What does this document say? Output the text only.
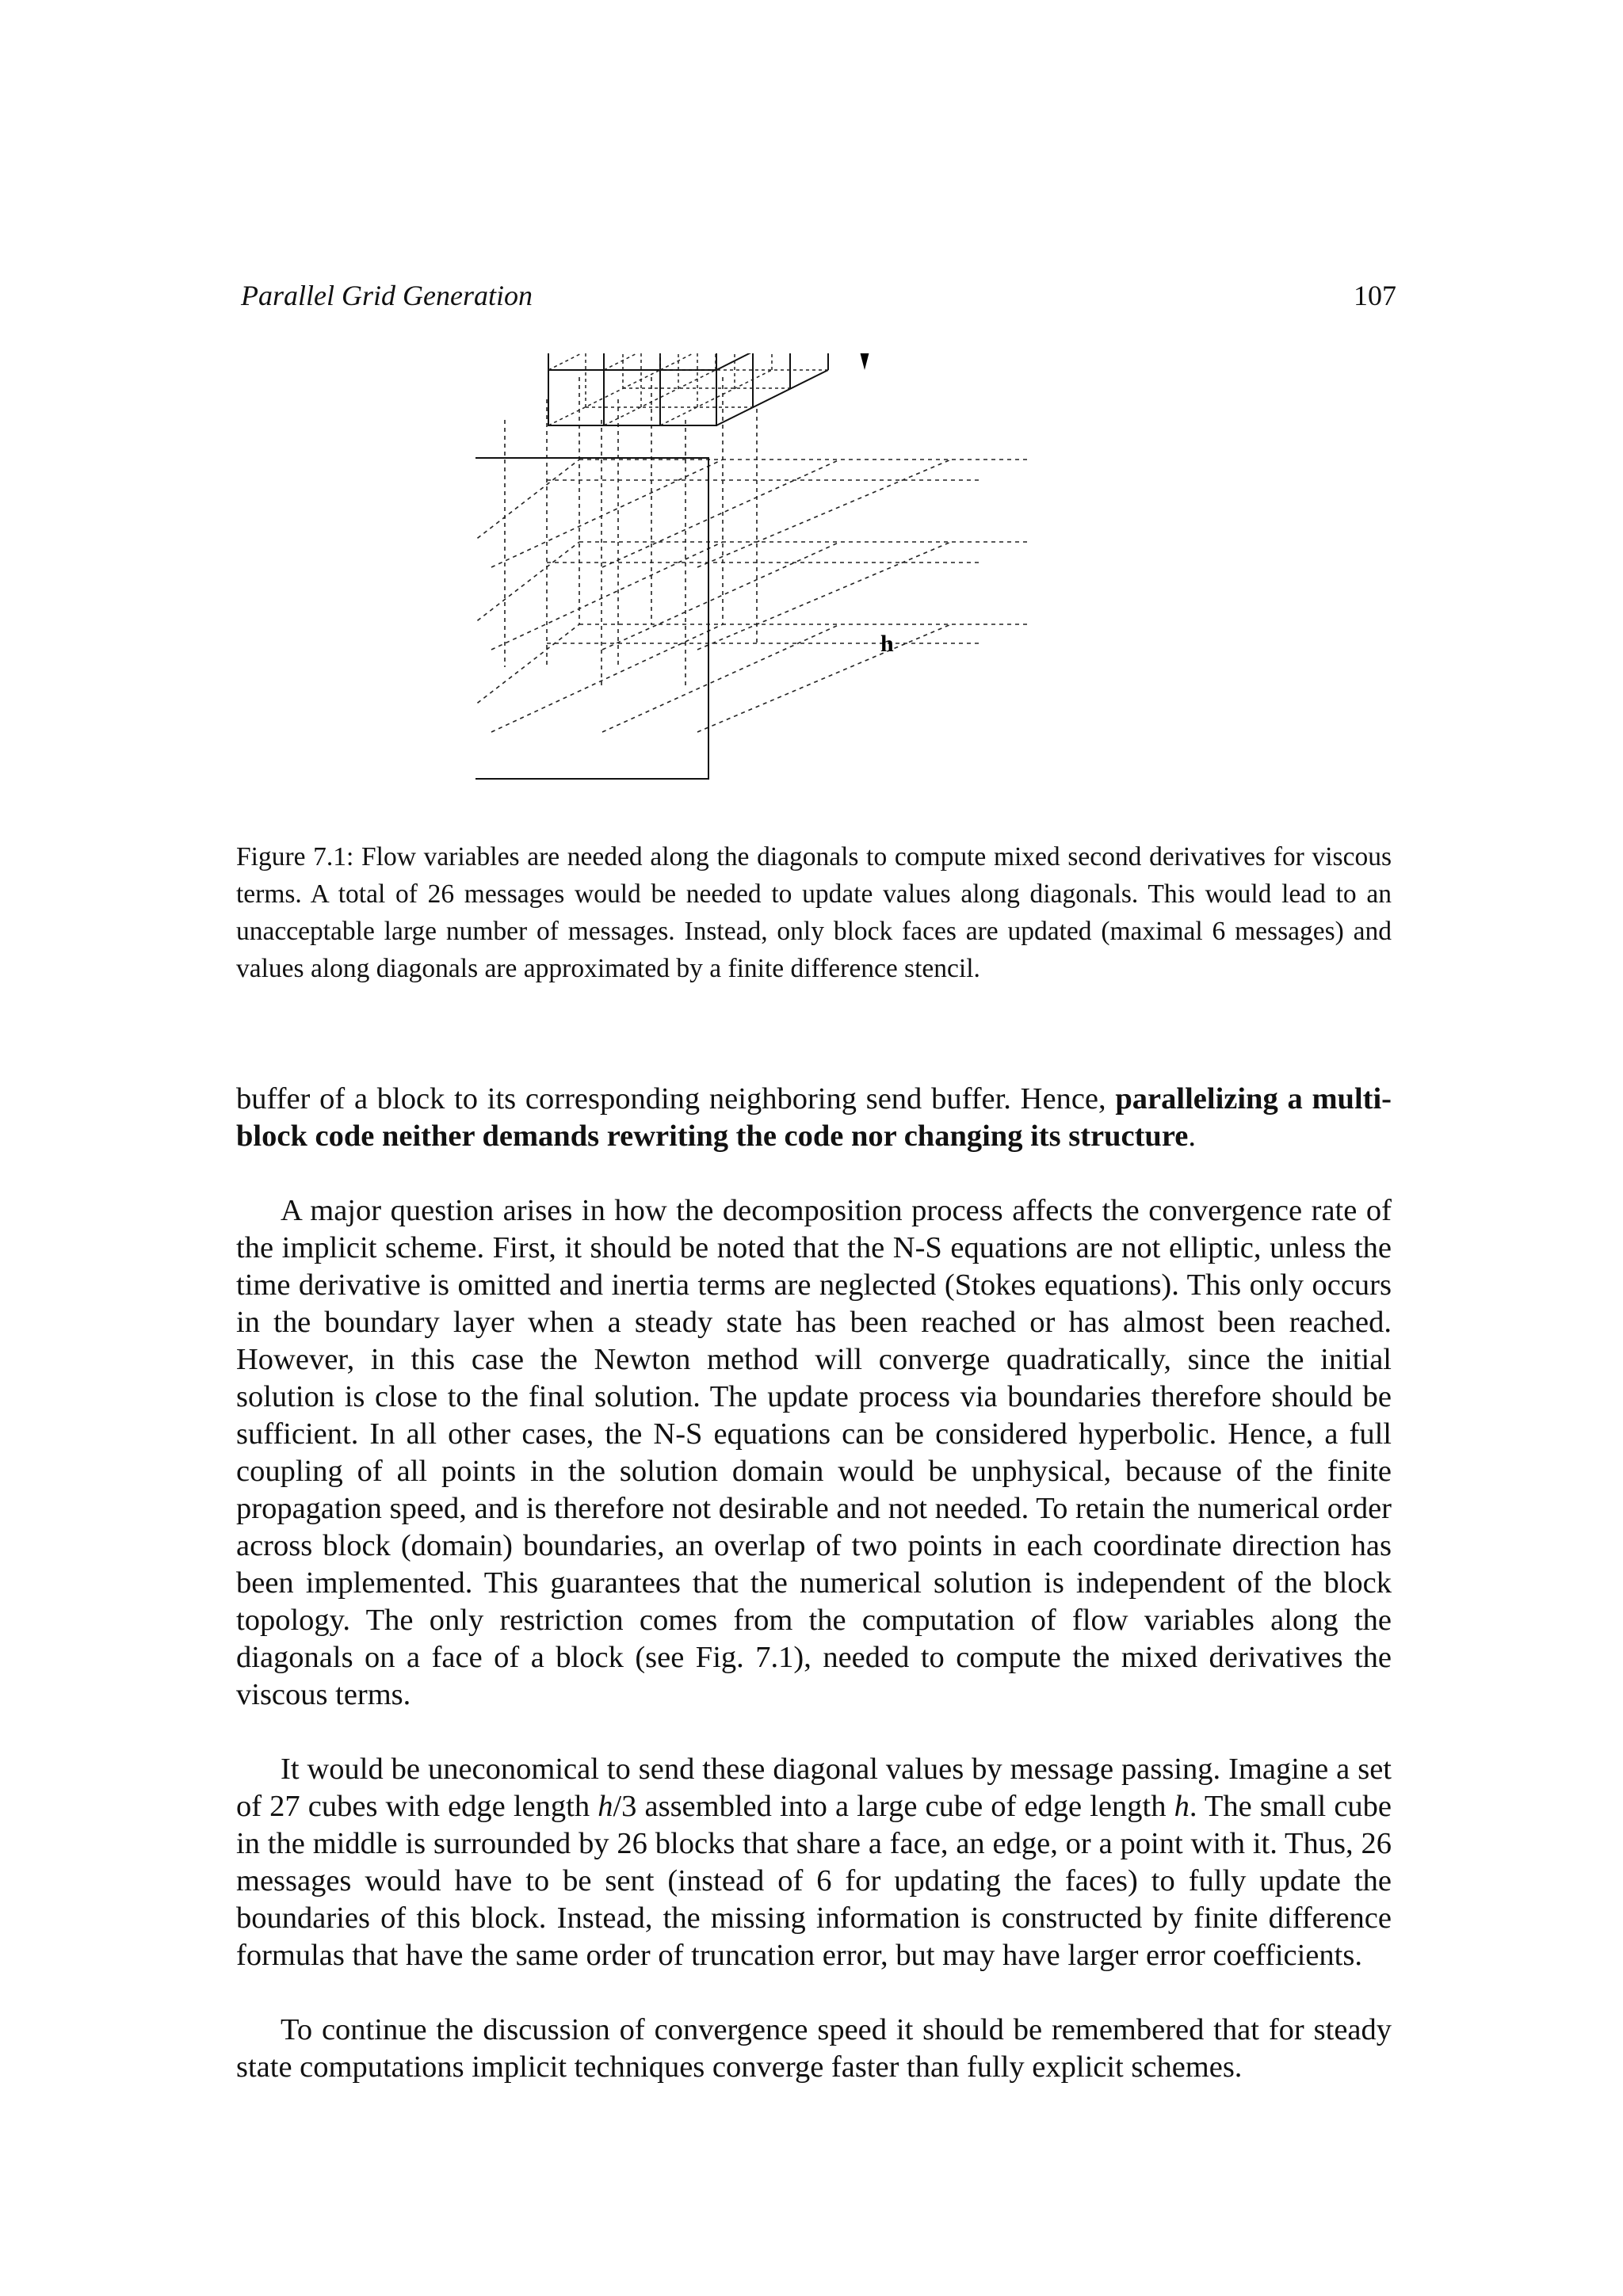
Parallel Grid Generation	107
h
Figure 7.1: Flow variables are needed along the diagonals to compute mixed second derivatives for viscous terms. A total of 26 messages would be needed to update values along diagonals. This would lead to an unacceptable large number of messages. Instead, only block faces are updated (maximal 6 messages) and values along diagonals are approximated by a finite difference stencil.

buffer of a block to its corresponding neighboring send buffer. Hence, parallelizing a multi-block code neither demands rewriting the code nor changing its structure.

A major question arises in how the decomposition process affects the convergence rate of the implicit scheme. First, it should be noted that the N-S equations are not elliptic, unless the time derivative is omitted and inertia terms are neglected (Stokes equations). This only occurs in the boundary layer when a steady state has been reached or has almost been reached. However, in this case the Newton method will converge quadratically, since the initial solution is close to the final solution. The update process via boundaries therefore should be sufficient. In all other cases, the N-S equations can be considered hyperbolic. Hence, a full coupling of all points in the solution domain would be unphysical, because of the finite propagation speed, and is therefore not desirable and not needed. To retain the numerical order across block (domain) boundaries, an overlap of two points in each coordinate direction has been implemented. This guarantees that the numerical solution is independent of the block topology. The only restriction comes from the computation of flow variables along the diagonals on a face of a block (see Fig. 7.1), needed to compute the mixed derivatives the viscous terms.

It would be uneconomical to send these diagonal values by message passing. Imagine a set of 27 cubes with edge length h/3 assembled into a large cube of edge length h. The small cube in the middle is surrounded by 26 blocks that share a face, an edge, or a point with it. Thus, 26 messages would have to be sent (instead of 6 for updating the faces) to fully update the boundaries of this block. Instead, the missing information is constructed by finite difference formulas that have the same order of truncation error, but may have larger error coefficients.

To continue the discussion of convergence speed it should be remembered that for steady state computations implicit techniques converge faster than fully explicit schemes.
